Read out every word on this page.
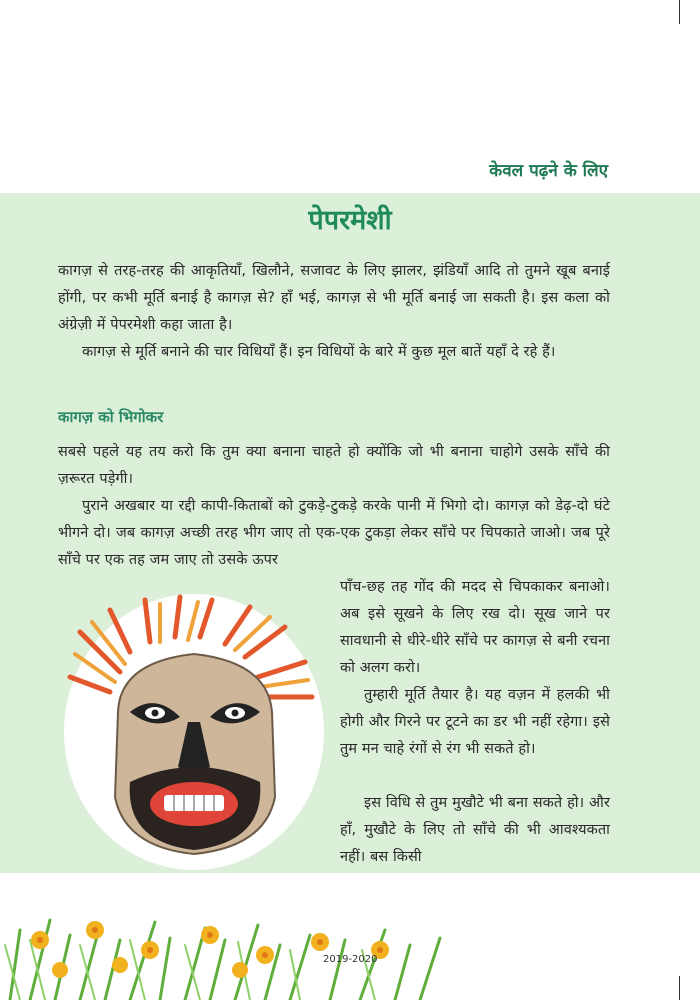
केवल पढ़ने के लिए
पेपरमेशी

कागज़ से तरह-तरह की आकृतियाँ, खिलौने, सजावट के लिए झालर, झंडियाँ आदि तो तुमने खूब बनाई होंगी, पर कभी मूर्ति बनाई है कागज़ से? हाँ भई, कागज़ से भी मूर्ति बनाई जा सकती है। इस कला को अंग्रेज़ी में पेपरमेशी कहा जाता है।

कागज़ से मूर्ति बनाने की चार विधियाँ हैं। इन विधियों के बारे में कुछ मूल बातें यहाँ दे रहे हैं।

कागज़ को भिगोकर

सबसे पहले यह तय करो कि तुम क्या बनाना चाहते हो क्योंकि जो भी बनाना चाहोगे उसके साँचे की ज़रूरत पड़ेगी।

पुराने अखबार या रद्दी कापी-किताबों को टुकड़े-टुकड़े करके पानी में भिगो दो। कागज़ को डेढ़-दो घंटे भीगने दो। जब कागज़ अच्छी तरह भीग जाए तो एक-एक टुकड़ा लेकर साँचे पर चिपकाते जाओ। जब पूरे साँचे पर एक तह जम जाए तो उसके ऊपर

पाँच-छह तह गोंद की मदद से चिपकाकर बनाओ। अब इसे सूखने के लिए रख दो। सूख जाने पर सावधानी से धीरे-धीरे साँचे पर कागज़ से बनी रचना को अलग करो।

तुम्हारी मूर्ति तैयार है। यह वज़न में हलकी भी होगी और गिरने पर टूटने का डर भी नहीं रहेगा। इसे तुम मन चाहे रंगों से रंग भी सकते हो।

इस विधि से तुम मुखौटे भी बना सकते हो। और हाँ, मुखौटे के लिए तो साँचे की भी आवश्यकता नहीं। बस किसी

2019-2020
